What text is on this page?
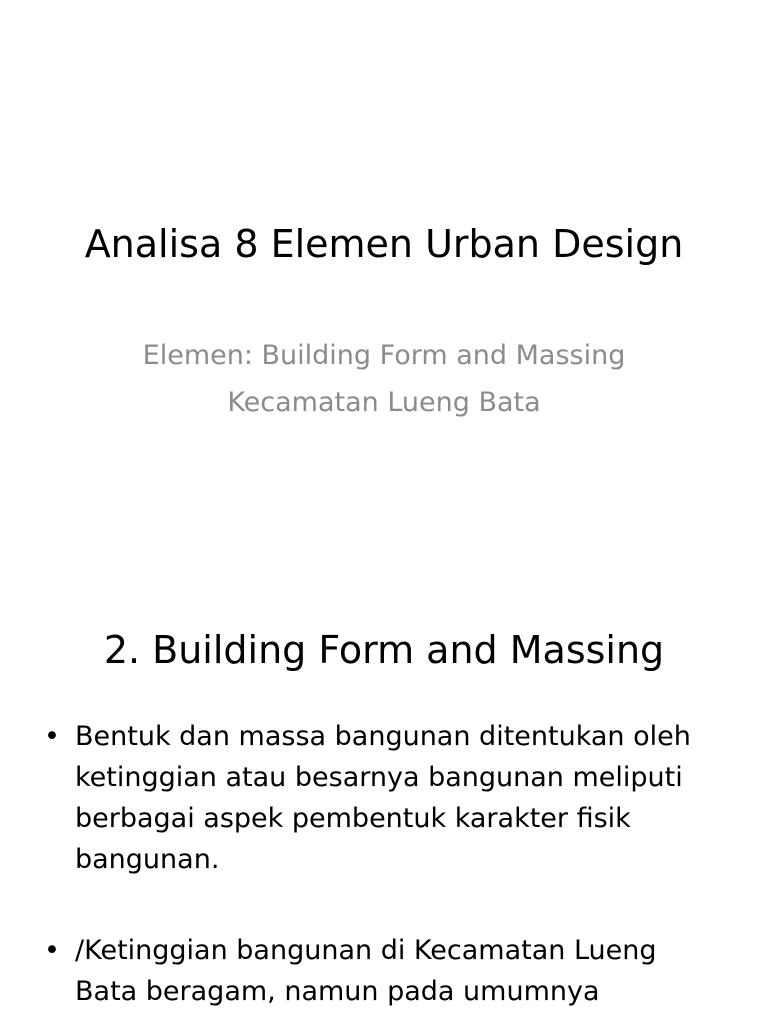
Analisa 8 Elemen Urban Design
Elemen: Building Form and Massing
Kecamatan Lueng Bata
2. Building Form and Massing
• Bentuk dan massa bangunan ditentukan oleh ketinggian atau besarnya bangunan meliputi berbagai aspek pembentuk karakter fisik bangunan.
• /Ketinggian bangunan di Kecamatan Lueng Bata beragam, namun pada umumnya
